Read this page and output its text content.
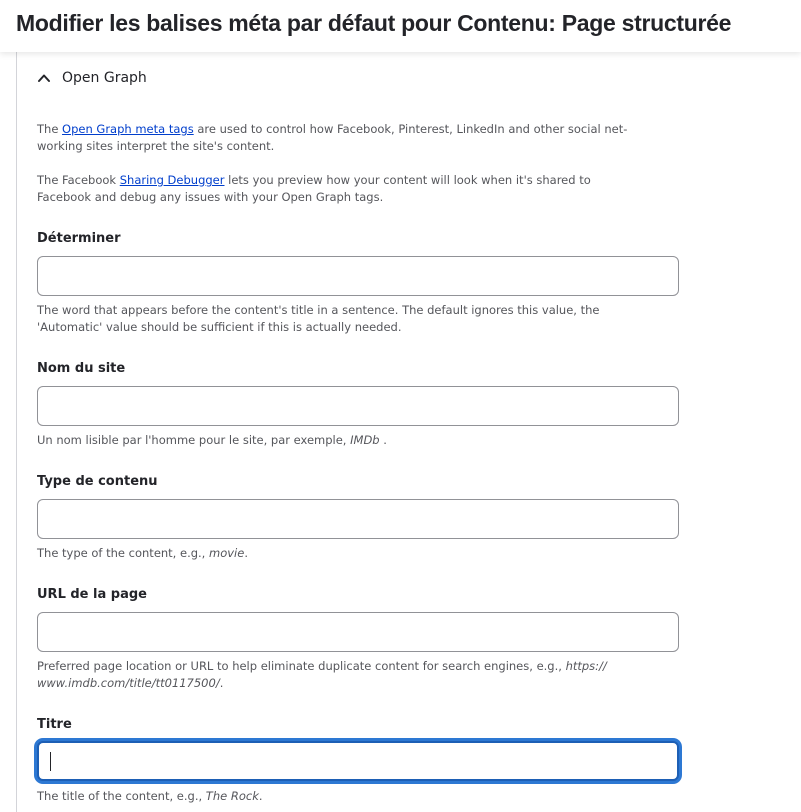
Modifier les balises méta par défaut pour Contenu: Page structurée
Open Graph
The Open Graph meta tags are used to control how Facebook, Pinterest, LinkedIn and other social net-
working sites interpret the site's content.
The Facebook Sharing Debugger lets you preview how your content will look when it's shared to
Facebook and debug any issues with your Open Graph tags.
Déterminer
The word that appears before the content's title in a sentence. The default ignores this value, the
'Automatic' value should be sufficient if this is actually needed.
Nom du site
Un nom lisible par l'homme pour le site, par exemple, IMDb .
Type de contenu
The type of the content, e.g., movie.
URL de la page
Preferred page location or URL to help eliminate duplicate content for search engines, e.g., https://
www.imdb.com/title/tt0117500/.
Titre
The title of the content, e.g., The Rock.
